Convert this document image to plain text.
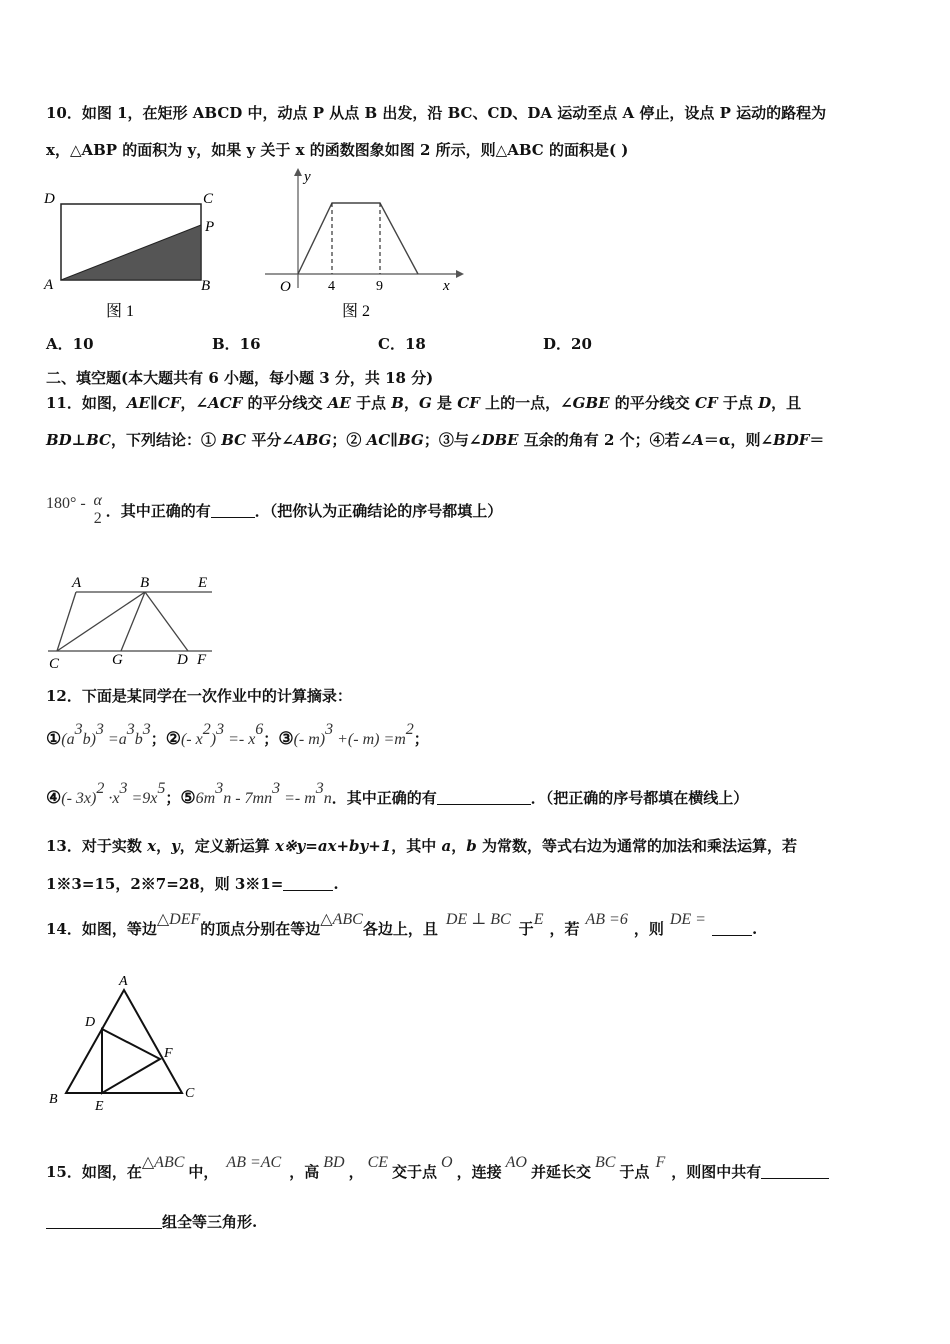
10．如图 1，在矩形 ABCD 中，动点 P 从点 B 出发，沿 BC、CD、DA 运动至点 A 停止，设点 P 运动的路程为
x，△ABP 的面积为 y，如果 y 关于 x 的函数图象如图 2 所示，则△ABC 的面积是( )
D	C
P
A	B
图 1
y
O	4	9	x
图 2
A．10	B．16	C．18	D．20
二、填空题(本大题共有 6 小题，每小题 3 分，共 18 分)
11．如图，AE∥CF，∠ACF 的平分线交 AE 于点 B，G 是 CF 上的一点，∠GBE 的平分线交 CF 于点 D，且
BD⊥BC，下列结论：① BC 平分∠ABG；② AC∥BG；③与∠DBE 互余的角有 2 个；④若∠A＝α，则∠BDF＝
180° - α
2 ．其中正确的有	．（把你认为正确结论的序号都填上）
A	B	E
C	G	D F
12．下面是某同学在一次作业中的计算摘录：
①(a3b)3 =a3b3；②(- x2)3 =- x6；③(- m)3 +(- m) =m2；
④(- 3x)2 ·x3 =9x5；⑤6m3n - 7mn3 =- m3n．其中正确的有	．（把正确的序号都填在横线上）
13．对于实数 x，y，定义新运算 x※y=ax+by+1，其中 a，b 为常数，等式右边为通常的加法和乘法运算，若
1※3=15，2※7=28，则 3※1=	.
14．如图，等边△DEF的顶点分别在等边△ABC各边上，且DE ⊥ BC于E，若AB =6，则DE =.
A
D
F
B	E
C
15．如图，在△ABC中，AB =AC，高BD，CE交于点O，连接AO并延长交BC于点F，则图中共有
组全等三角形.
